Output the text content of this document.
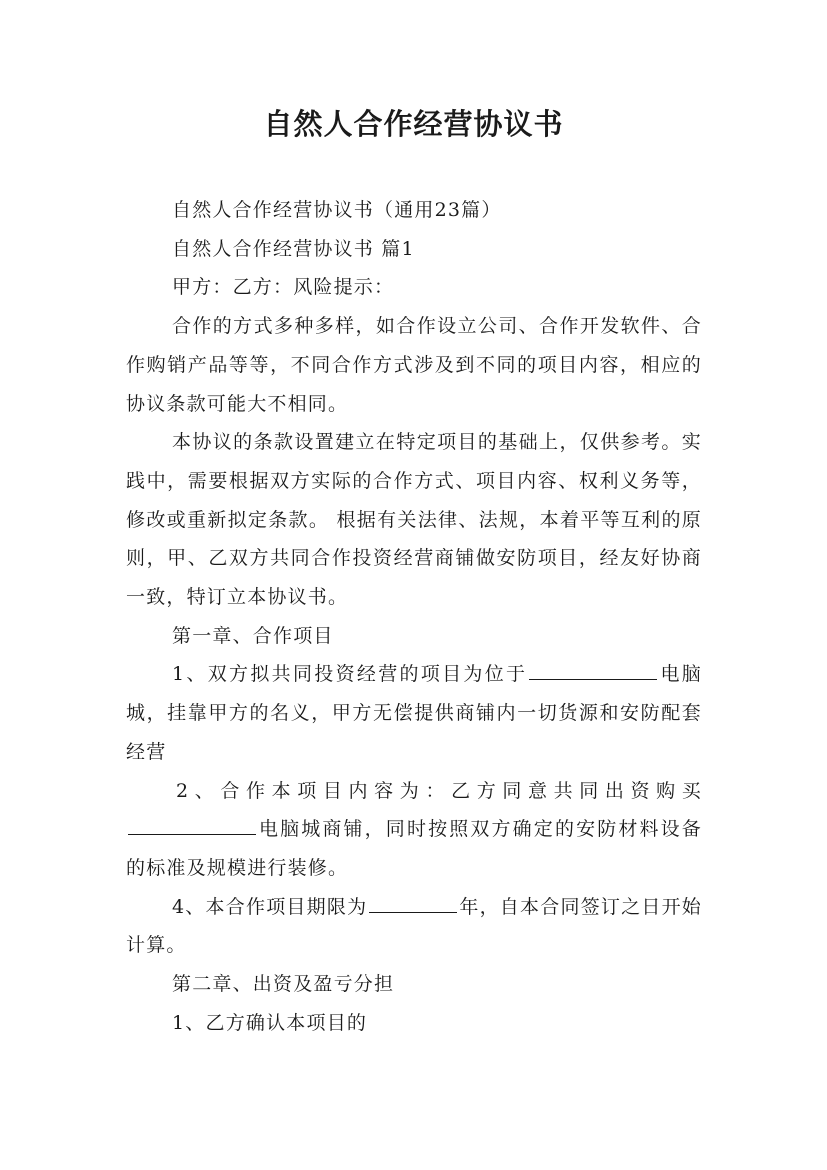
自然人合作经营协议书

自然人合作经营协议书（通用23篇）

自然人合作经营协议书 篇1

甲方：乙方：风险提示：

合作的方式多种多样，如合作设立公司、合作开发软件、合作购销产品等等，不同合作方式涉及到不同的项目内容，相应的协议条款可能大不相同。

本协议的条款设置建立在特定项目的基础上，仅供参考。实践中，需要根据双方实际的合作方式、项目内容、权利义务等，修改或重新拟定条款。 根据有关法律、法规，本着平等互利的原则，甲、乙双方共同合作投资经营商铺做安防项目，经友好协商一致，特订立本协议书。

第一章、合作项目

1、双方拟共同投资经营的项目为位于	电脑城，挂靠甲方的名义，甲方无偿提供商铺内一切货源和安防配套经营

2、合作本项目内容为：乙方同意共同出资购买电脑城商铺，同时按照双方确定的安防材料设备的标准及规模进行装修。

4、本合作项目期限为	年，自本合同签订之日开始计算。

第二章、出资及盈亏分担

1、乙方确认本项目的
